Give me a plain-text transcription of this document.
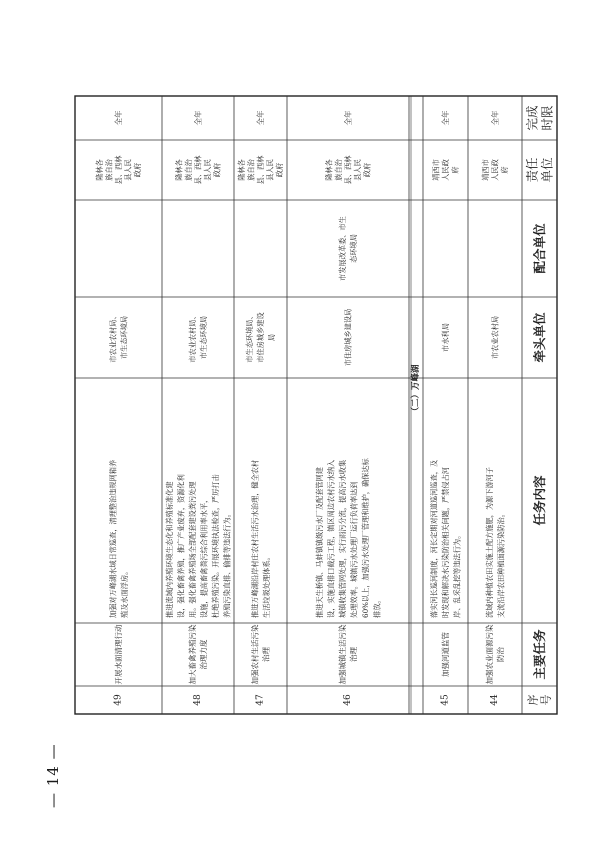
序 号
主要任务
任务内容
牵头单位
配合单位
责任 单位
完成 时限
（二）万峰湖
44
加强农业面源污染 防治
流域内种植农田实施土配方施肥，为源下游河子 支流沿岸农田种植面源污染防治。
市农业农村局
靖西市 人民政 府
全年
45
加强河道监管
落实河长巡河制度，河长定期对河道巡河巡查，及 时发现和解决水污染防治相关问题，严禁侵占河 岸、乱采乱挖等违法行为。
市水利局
靖西市 人民政 府
全年
46
加强城镇生活污染 治理
推进天生桥镇、马蚌镇镇级污水厂及配套管网建 设，实施直排口截污工程，镇区周边农村污水纳入 城镇收集管网处理，实行雨污分流，提高污水收集 处理效率。城镇污水处理厂运行负荷率达到 60%以上，加强污水处理厂管理和维护，确保达标 排放。
市住房城乡建设局
市发展改革委、市生 态环境局
隆林各 族自治 县、西林 县人民 政府
全年
47
加强农村生活污染 治理
推进万峰湖沿岸村庄农村生活污水治理，健全农村 生活垃圾处理体系。
市生态环境局、 市住房城乡建设 局
隆林各 族自治 县、西林 县人民 政府
全年
48
加大畜禽养殖污染 治理力度
推进流域内养殖环境生态化和养殖标准化建 设，强化畜禽养殖，推广产业废弃，资源化利 用。强化畜禽养殖场全部配套建设粪污处理 设施，提高畜禽粪污综合利用率水平， 杜绝养殖污染。开展环境执法检查，严厉打击 养殖污染直排、偷排等违法行为。
市农业农村局、 市生态环境局
隆林各 族自治 县、西林 县人民 政府
全年
49
开展水面清理行动
加强对万峰湖水域日常巡查，清理整治违规网箱养 殖及水面浮房。
市农业农村局、 市生态环境局
隆林各 族自治 县、西林 县人民 政府
全年
— 14 —
